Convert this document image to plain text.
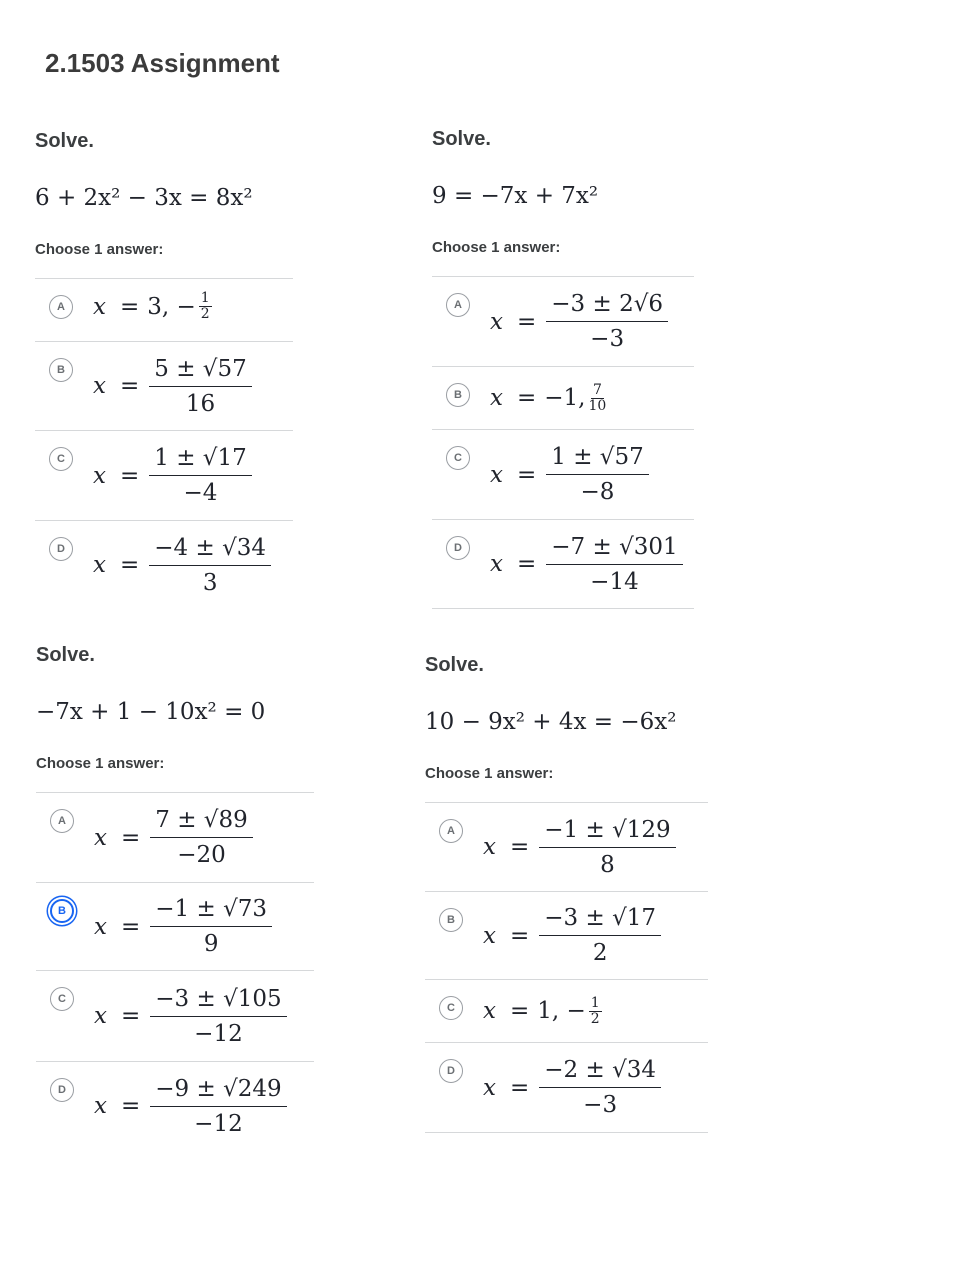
2.1503 Assignment
Solve.
6 + 2x² − 3x = 8x²
Choose 1 answer:
A	x = 3, − $\frac{1}{2}$
B
$x = \frac{5 \pm √57}{16}$
C
$x = \frac{1 \pm √17}{-4}$
D
$x = \frac{-4 \pm √34}{3}$
Solve.
9 = −7x + 7x²
Choose 1 answer:
A
$x = \frac{-3 \pm 2√6}{-3}$
B	x = −1, $\frac{7}{10}$
C
$x = \frac{1 \pm √57}{-8}$
D
$x = \frac{-7 \pm √301}{-14}$
Solve.
−7x + 1 − 10x² = 0
Choose 1 answer:
A
$x = \frac{7 \pm √89}{-20}$
B
$x = \frac{-1 \pm √73}{9}$
C
$x = \frac{-3 \pm √105}{-12}$
D
$x = \frac{-9 \pm √249}{-12}$
Solve.
10 − 9x² + 4x = −6x²
Choose 1 answer:
A
$x = \frac{-1 \pm √129}{8}$
B
$x = \frac{-3 \pm √17}{2}$
C	x = 1, − $\frac{1}{2}$
D
$x = \frac{-2 \pm √34}{-3}$
